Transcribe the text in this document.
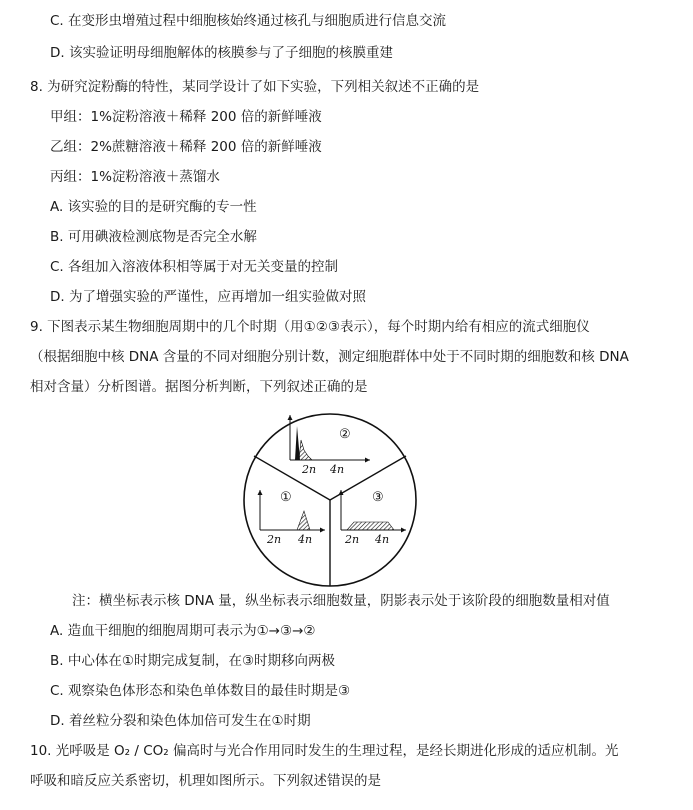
C. 在变形虫增殖过程中细胞核始终通过核孔与细胞质进行信息交流
D. 该实验证明母细胞解体的核膜参与了子细胞的核膜重建
8. 为研究淀粉酶的特性，某同学设计了如下实验，下列相关叙述不正确的是
甲组：1%淀粉溶液＋稀释 200 倍的新鲜唾液
乙组：2%蔗糖溶液＋稀释 200 倍的新鲜唾液
丙组：1%淀粉溶液＋蒸馏水
A. 该实验的目的是研究酶的专一性
B. 可用碘液检测底物是否完全水解
C. 各组加入溶液体积相等属于对无关变量的控制
D. 为了增强实验的严谨性，应再增加一组实验做对照
9. 下图表示某生物细胞周期中的几个时期（用①②③表示），每个时期内给有相应的流式细胞仪
（根据细胞中核 DNA 含量的不同对细胞分别计数，测定细胞群体中处于不同时期的细胞数和核 DNA
相对含量）分析图谱。据图分析判断，下列叙述正确的是
2n 4n
②
①
2n 4n
③
2n 4n
注：横坐标表示核 DNA 量，纵坐标表示细胞数量，阴影表示处于该阶段的细胞数量相对值
A. 造血干细胞的细胞周期可表示为①→③→②
B. 中心体在①时期完成复制，在③时期移向两极
C. 观察染色体形态和染色单体数目的最佳时期是③
D. 着丝粒分裂和染色体加倍可发生在①时期
10. 光呼吸是 O₂ / CO₂ 偏高时与光合作用同时发生的生理过程，是经长期进化形成的适应机制。光
呼吸和暗反应关系密切，机理如图所示。下列叙述错误的是
